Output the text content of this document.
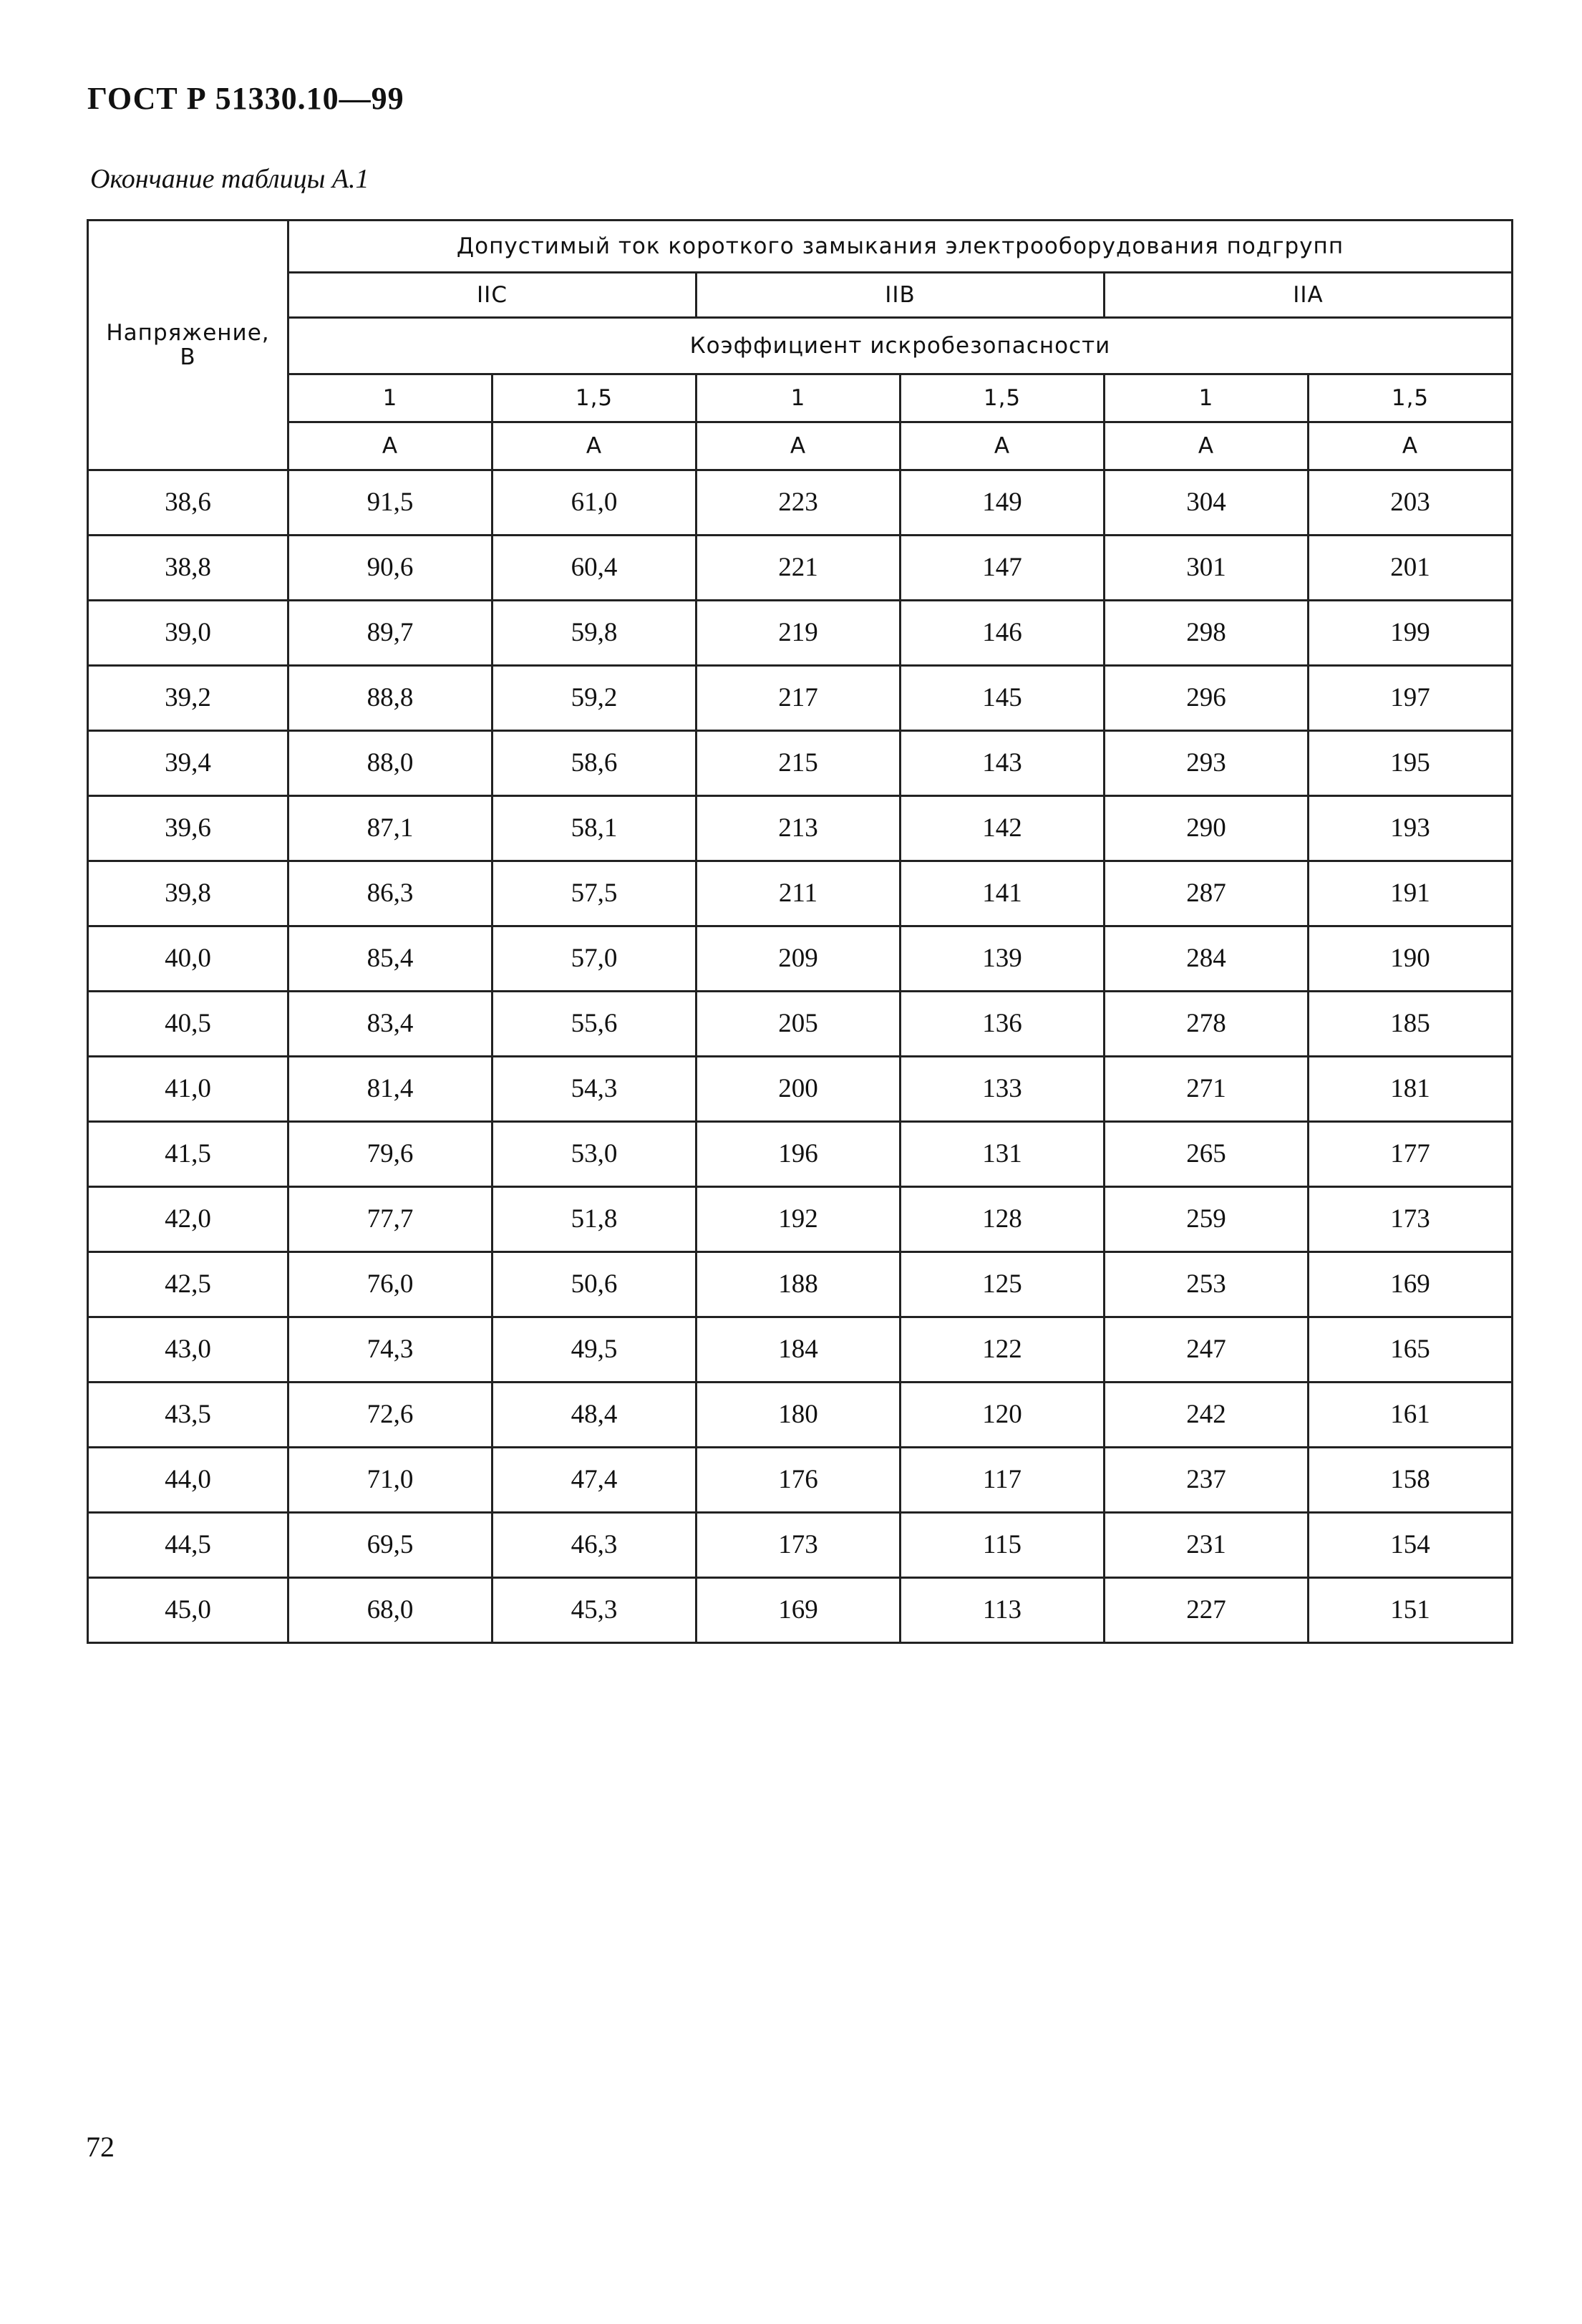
ГОСТ Р 51330.10—99

Окончание таблицы А.1

Напряжение,
В	Допустимый ток короткого замыкания электрооборудования подгрупп					
	IIC		IIB		IIA	
	Коэффициент искробезопасности					
	1	1,5	1	1,5	1	1,5
	А	А	А	А	А	А
38,6	91,5	61,0	223	149	304	203
38,8	90,6	60,4	221	147	301	201
39,0	89,7	59,8	219	146	298	199
39,2	88,8	59,2	217	145	296	197
39,4	88,0	58,6	215	143	293	195
39,6	87,1	58,1	213	142	290	193
39,8	86,3	57,5	211	141	287	191
40,0	85,4	57,0	209	139	284	190
40,5	83,4	55,6	205	136	278	185
41,0	81,4	54,3	200	133	271	181
41,5	79,6	53,0	196	131	265	177
42,0	77,7	51,8	192	128	259	173
42,5	76,0	50,6	188	125	253	169
43,0	74,3	49,5	184	122	247	165
43,5	72,6	48,4	180	120	242	161
44,0	71,0	47,4	176	117	237	158
44,5	69,5	46,3	173	115	231	154
45,0	68,0	45,3	169	113	227	151

72
